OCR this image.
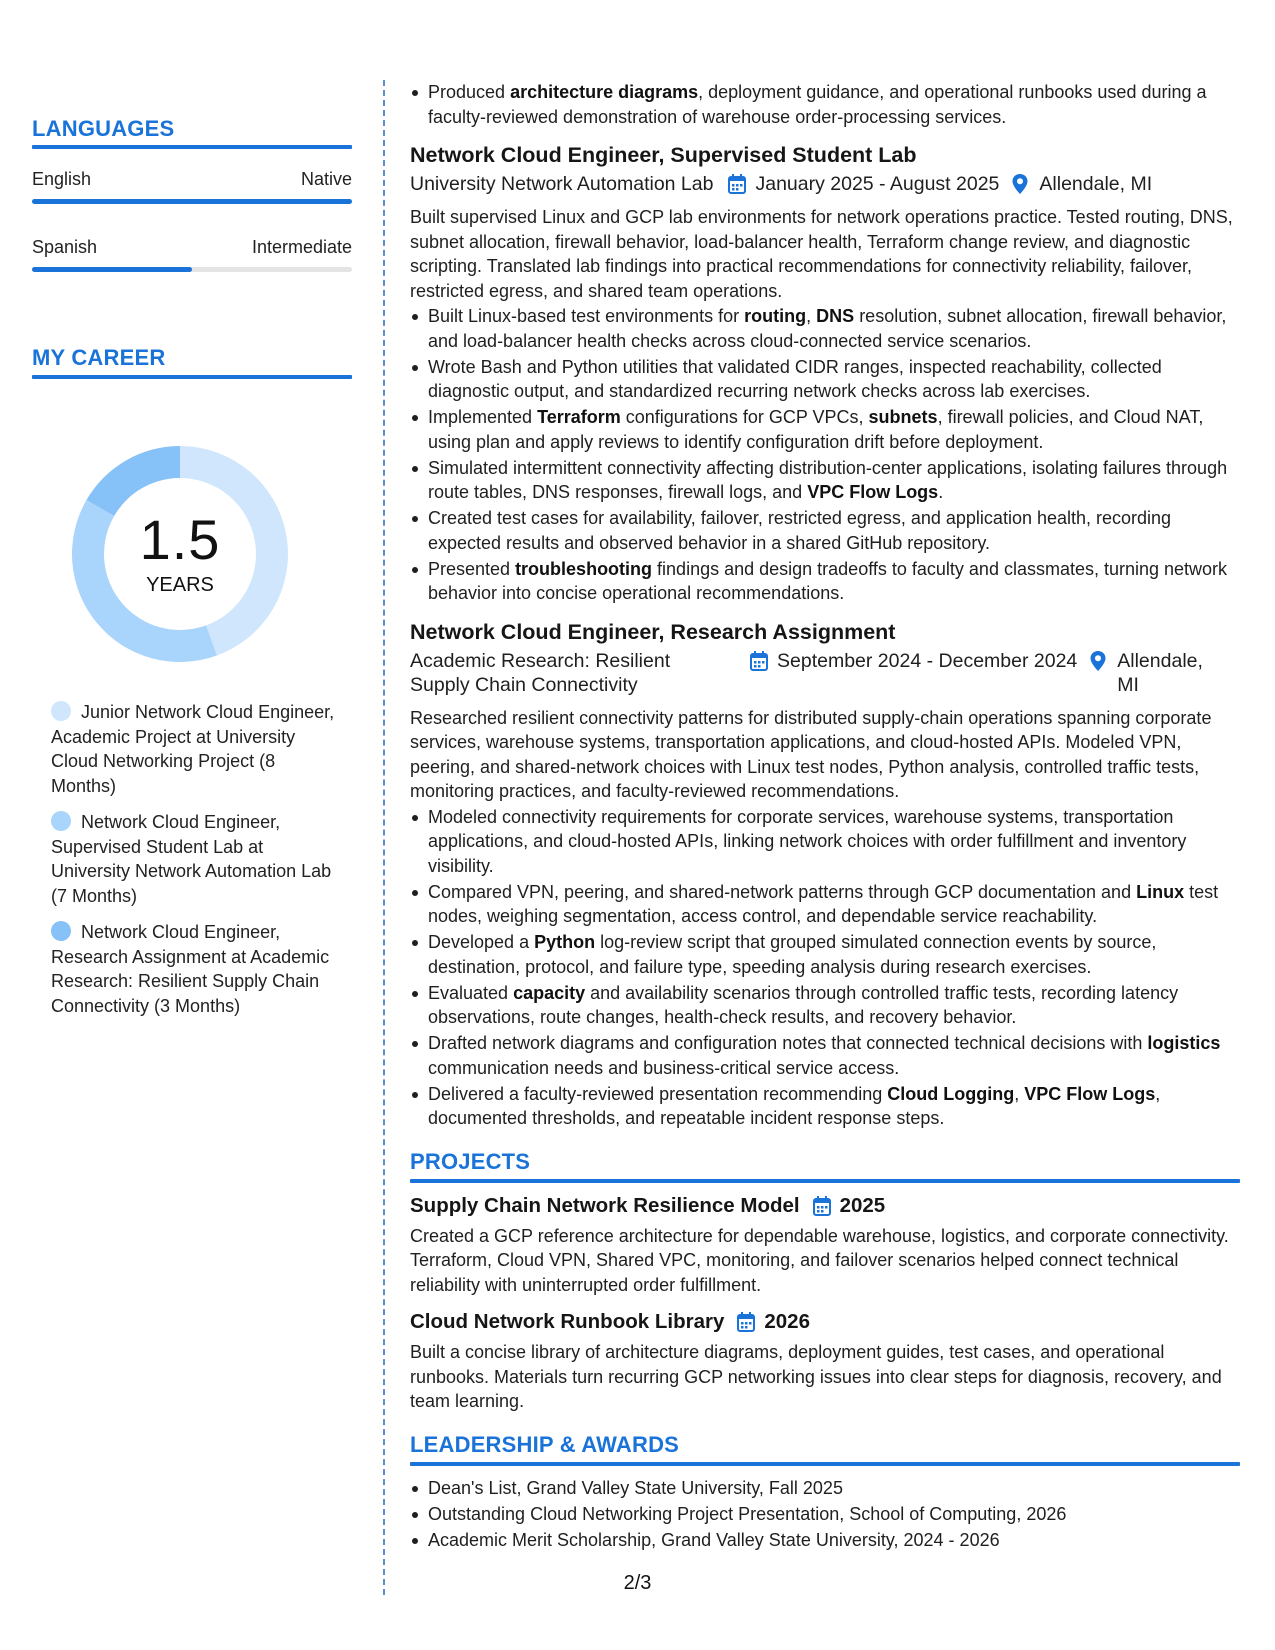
LANGUAGES
English	Native
Spanish	Intermediate
MY CAREER
1.5
YEARS
Junior Network Cloud Engineer, Academic Project at University Cloud Networking Project (8 Months)
Network Cloud Engineer, Supervised Student Lab at University Network Automation Lab (7 Months)
Network Cloud Engineer, Research Assignment at Academic Research: Resilient Supply Chain Connectivity (3 Months)
Produced architecture diagrams, deployment guidance, and operational runbooks used during a faculty-reviewed demonstration of warehouse order-processing services.
Network Cloud Engineer, Supervised Student Lab
University Network Automation Lab January 2025 - August 2025 Allendale, MI
Built supervised Linux and GCP lab environments for network operations practice. Tested routing, DNS, subnet allocation, firewall behavior, load-balancer health, Terraform change review, and diagnostic scripting. Translated lab findings into practical recommendations for connectivity reliability, failover, restricted egress, and shared team operations.
Built Linux-based test environments for routing, DNS resolution, subnet allocation, firewall behavior, and load-balancer health checks across cloud-connected service scenarios.
Wrote Bash and Python utilities that validated CIDR ranges, inspected reachability, collected diagnostic output, and standardized recurring network checks across lab exercises.
Implemented Terraform configurations for GCP VPCs, subnets, firewall policies, and Cloud NAT, using plan and apply reviews to identify configuration drift before deployment.
Simulated intermittent connectivity affecting distribution-center applications, isolating failures through route tables, DNS responses, firewall logs, and VPC Flow Logs.
Created test cases for availability, failover, restricted egress, and application health, recording expected results and observed behavior in a shared GitHub repository.
Presented troubleshooting findings and design tradeoffs to faculty and classmates, turning network behavior into concise operational recommendations.
Network Cloud Engineer, Research Assignment
Academic Research: Resilient Supply Chain Connectivity
September 2024 - December 2024 Allendale, MI
Researched resilient connectivity patterns for distributed supply-chain operations spanning corporate services, warehouse systems, transportation applications, and cloud-hosted APIs. Modeled VPN, peering, and shared-network choices with Linux test nodes, Python analysis, controlled traffic tests, monitoring practices, and faculty-reviewed recommendations.
Modeled connectivity requirements for corporate services, warehouse systems, transportation applications, and cloud-hosted APIs, linking network choices with order fulfillment and inventory visibility.
Compared VPN, peering, and shared-network patterns through GCP documentation and Linux test nodes, weighing segmentation, access control, and dependable service reachability.
Developed a Python log-review script that grouped simulated connection events by source, destination, protocol, and failure type, speeding analysis during research exercises.
Evaluated capacity and availability scenarios through controlled traffic tests, recording latency observations, route changes, health-check results, and recovery behavior.
Drafted network diagrams and configuration notes that connected technical decisions with logistics communication needs and business-critical service access.
Delivered a faculty-reviewed presentation recommending Cloud Logging, VPC Flow Logs, documented thresholds, and repeatable incident response steps.
PROJECTS
Supply Chain Network Resilience Model 2025
Created a GCP reference architecture for dependable warehouse, logistics, and corporate connectivity. Terraform, Cloud VPN, Shared VPC, monitoring, and failover scenarios helped connect technical reliability with uninterrupted order fulfillment.
Cloud Network Runbook Library 2026
Built a concise library of architecture diagrams, deployment guides, test cases, and operational runbooks. Materials turn recurring GCP networking issues into clear steps for diagnosis, recovery, and team learning.
LEADERSHIP & AWARDS
Dean's List, Grand Valley State University, Fall 2025
Outstanding Cloud Networking Project Presentation, School of Computing, 2026
Academic Merit Scholarship, Grand Valley State University, 2024 - 2026
2/3
